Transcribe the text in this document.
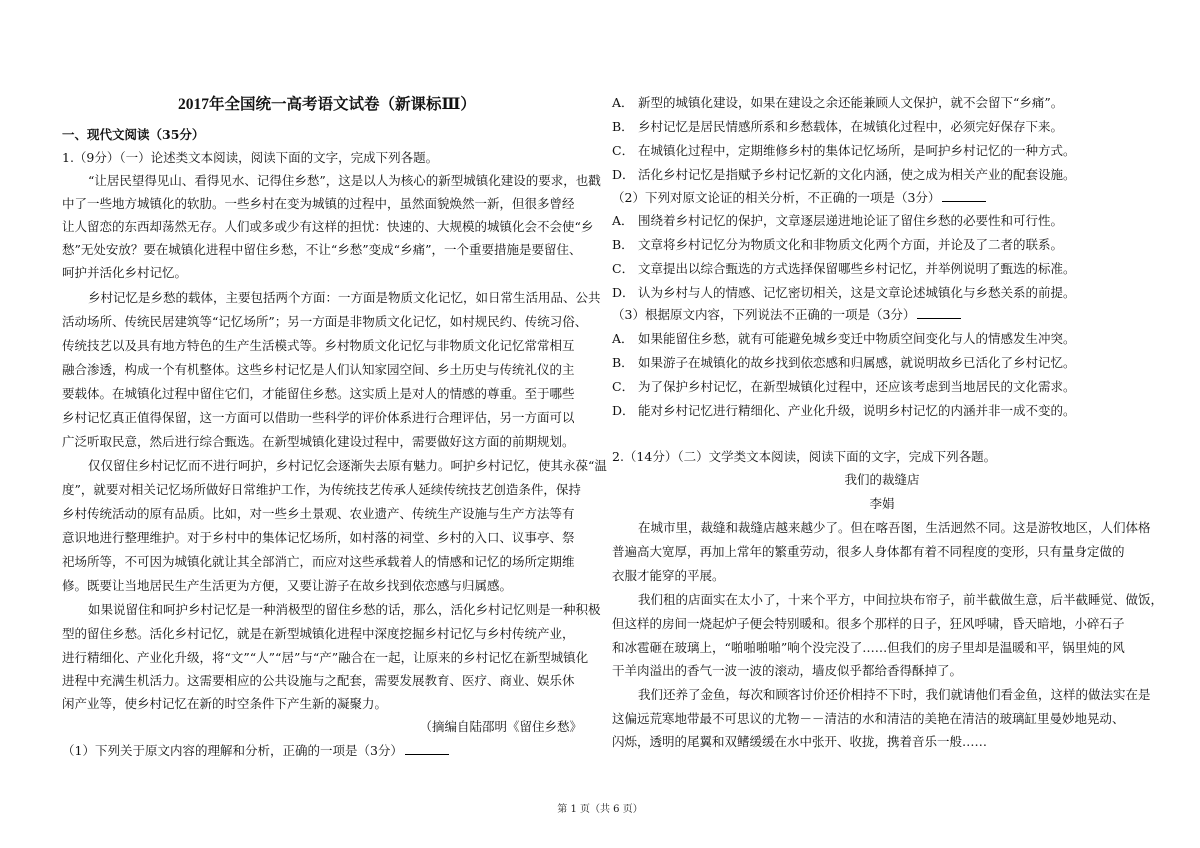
2017年全国统一高考语文试卷（新课标Ⅲ）
一、现代文阅读（35分）
1.（9分）（一）论述类文本阅读，阅读下面的文字，完成下列各题。
“让居民望得见山、看得见水、记得住乡愁”，这是以人为核心的新型城镇化建设的要求，也戳
中了一些地方城镇化的软肋。一些乡村在变为城镇的过程中，虽然面貌焕然一新，但很多曾经
让人留恋的东西却荡然无存。人们或多或少有这样的担忧：快速的、大规模的城镇化会不会使“乡
愁”无处安放？要在城镇化进程中留住乡愁，不让“乡愁”变成“乡痛”，一个重要措施是要留住、
呵护并活化乡村记忆。
乡村记忆是乡愁的载体，主要包括两个方面：一方面是物质文化记忆，如日常生活用品、公共
活动场所、传统民居建筑等“记忆场所”；另一方面是非物质文化记忆，如村规民约、传统习俗、
传统技艺以及具有地方特色的生产生活模式等。乡村物质文化记忆与非物质文化记忆常常相互
融合渗透，构成一个有机整体。这些乡村记忆是人们认知家园空间、乡土历史与传统礼仪的主
要载体。在城镇化过程中留住它们，才能留住乡愁。这实质上是对人的情感的尊重。至于哪些
乡村记忆真正值得保留，这一方面可以借助一些科学的评价体系进行合理评估，另一方面可以
广泛听取民意，然后进行综合甄选。在新型城镇化建设过程中，需要做好这方面的前期规划。
仅仅留住乡村记忆而不进行呵护，乡村记忆会逐渐失去原有魅力。呵护乡村记忆，使其永葆“温
度”，就要对相关记忆场所做好日常维护工作，为传统技艺传承人延续传统技艺创造条件，保持
乡村传统活动的原有品质。比如，对一些乡土景观、农业遗产、传统生产设施与生产方法等有
意识地进行整理维护。对于乡村中的集体记忆场所，如村落的祠堂、乡村的入口、议事亭、祭
祀场所等，不可因为城镇化就让其全部消亡，而应对这些承载着人的情感和记忆的场所定期维
修。既要让当地居民生产生活更为方便，又要让游子在故乡找到依恋感与归属感。
如果说留住和呵护乡村记忆是一种消极型的留住乡愁的话，那么，活化乡村记忆则是一种积极
型的留住乡愁。活化乡村记忆，就是在新型城镇化进程中深度挖掘乡村记忆与乡村传统产业，
进行精细化、产业化升级，将“文”“人”“居”与“产”融合在一起，让原来的乡村记忆在新型城镇化
进程中充满生机活力。这需要相应的公共设施与之配套，需要发展教育、医疗、商业、娱乐休
闲产业等，使乡村记忆在新的时空条件下产生新的凝聚力。
（摘编自陆邵明《留住乡愁》
（1）下列关于原文内容的理解和分析，正确的一项是（3分）
A． 新型的城镇化建设，如果在建设之余还能兼顾人文保护，就不会留下“乡痛”。
B． 乡村记忆是居民情感所系和乡愁载体，在城镇化过程中，必须完好保存下来。
C． 在城镇化过程中，定期维修乡村的集体记忆场所，是呵护乡村记忆的一种方式。
D． 活化乡村记忆是指赋予乡村记忆新的文化内涵，使之成为相关产业的配套设施。
（2）下列对原文论证的相关分析，不正确的一项是（3分）
A． 围绕着乡村记忆的保护，文章逐层递进地论证了留住乡愁的必要性和可行性。
B． 文章将乡村记忆分为物质文化和非物质文化两个方面，并论及了二者的联系。
C． 文章提出以综合甄选的方式选择保留哪些乡村记忆，并举例说明了甄选的标准。
D． 认为乡村与人的情感、记忆密切相关，这是文章论述城镇化与乡愁关系的前提。
（3）根据原文内容，下列说法不正确的一项是（3分）
A． 如果能留住乡愁，就有可能避免城乡变迁中物质空间变化与人的情感发生冲突。
B． 如果游子在城镇化的故乡找到依恋感和归属感，就说明故乡已活化了乡村记忆。
C． 为了保护乡村记忆，在新型城镇化过程中，还应该考虑到当地居民的文化需求。
D． 能对乡村记忆进行精细化、产业化升级，说明乡村记忆的内涵并非一成不变的。
2.（14分）（二）文学类文本阅读，阅读下面的文字，完成下列各题。
我们的裁缝店
李娟
在城市里，裁缝和裁缝店越来越少了。但在喀吾图，生活迥然不同。这是游牧地区，人们体格
普遍高大宽厚，再加上常年的繁重劳动，很多人身体都有着不同程度的变形，只有量身定做的
衣服才能穿的平展。
我们租的店面实在太小了，十来个平方，中间拉块布帘子，前半截做生意，后半截睡觉、做饭，
但这样的房间一烧起炉子便会特别暖和。很多个那样的日子，狂风呼啸，昏天暗地，小碎石子
和冰雹砸在玻璃上，“啪啪啪啪”响个没完没了……但我们的房子里却是温暖和平，锅里炖的风
干羊肉溢出的香气一波一波的滚动，墙皮似乎都给香得酥掉了。
我们还养了金鱼，每次和顾客讨价还价相持不下时，我们就请他们看金鱼，这样的做法实在是
这偏远荒寒地带最不可思议的尤物－－清洁的水和清洁的美艳在清洁的玻璃缸里曼妙地晃动、
闪烁，透明的尾翼和双鳍缓缓在水中张开、收拢，携着音乐一般……
第 1 页（共 6 页）
